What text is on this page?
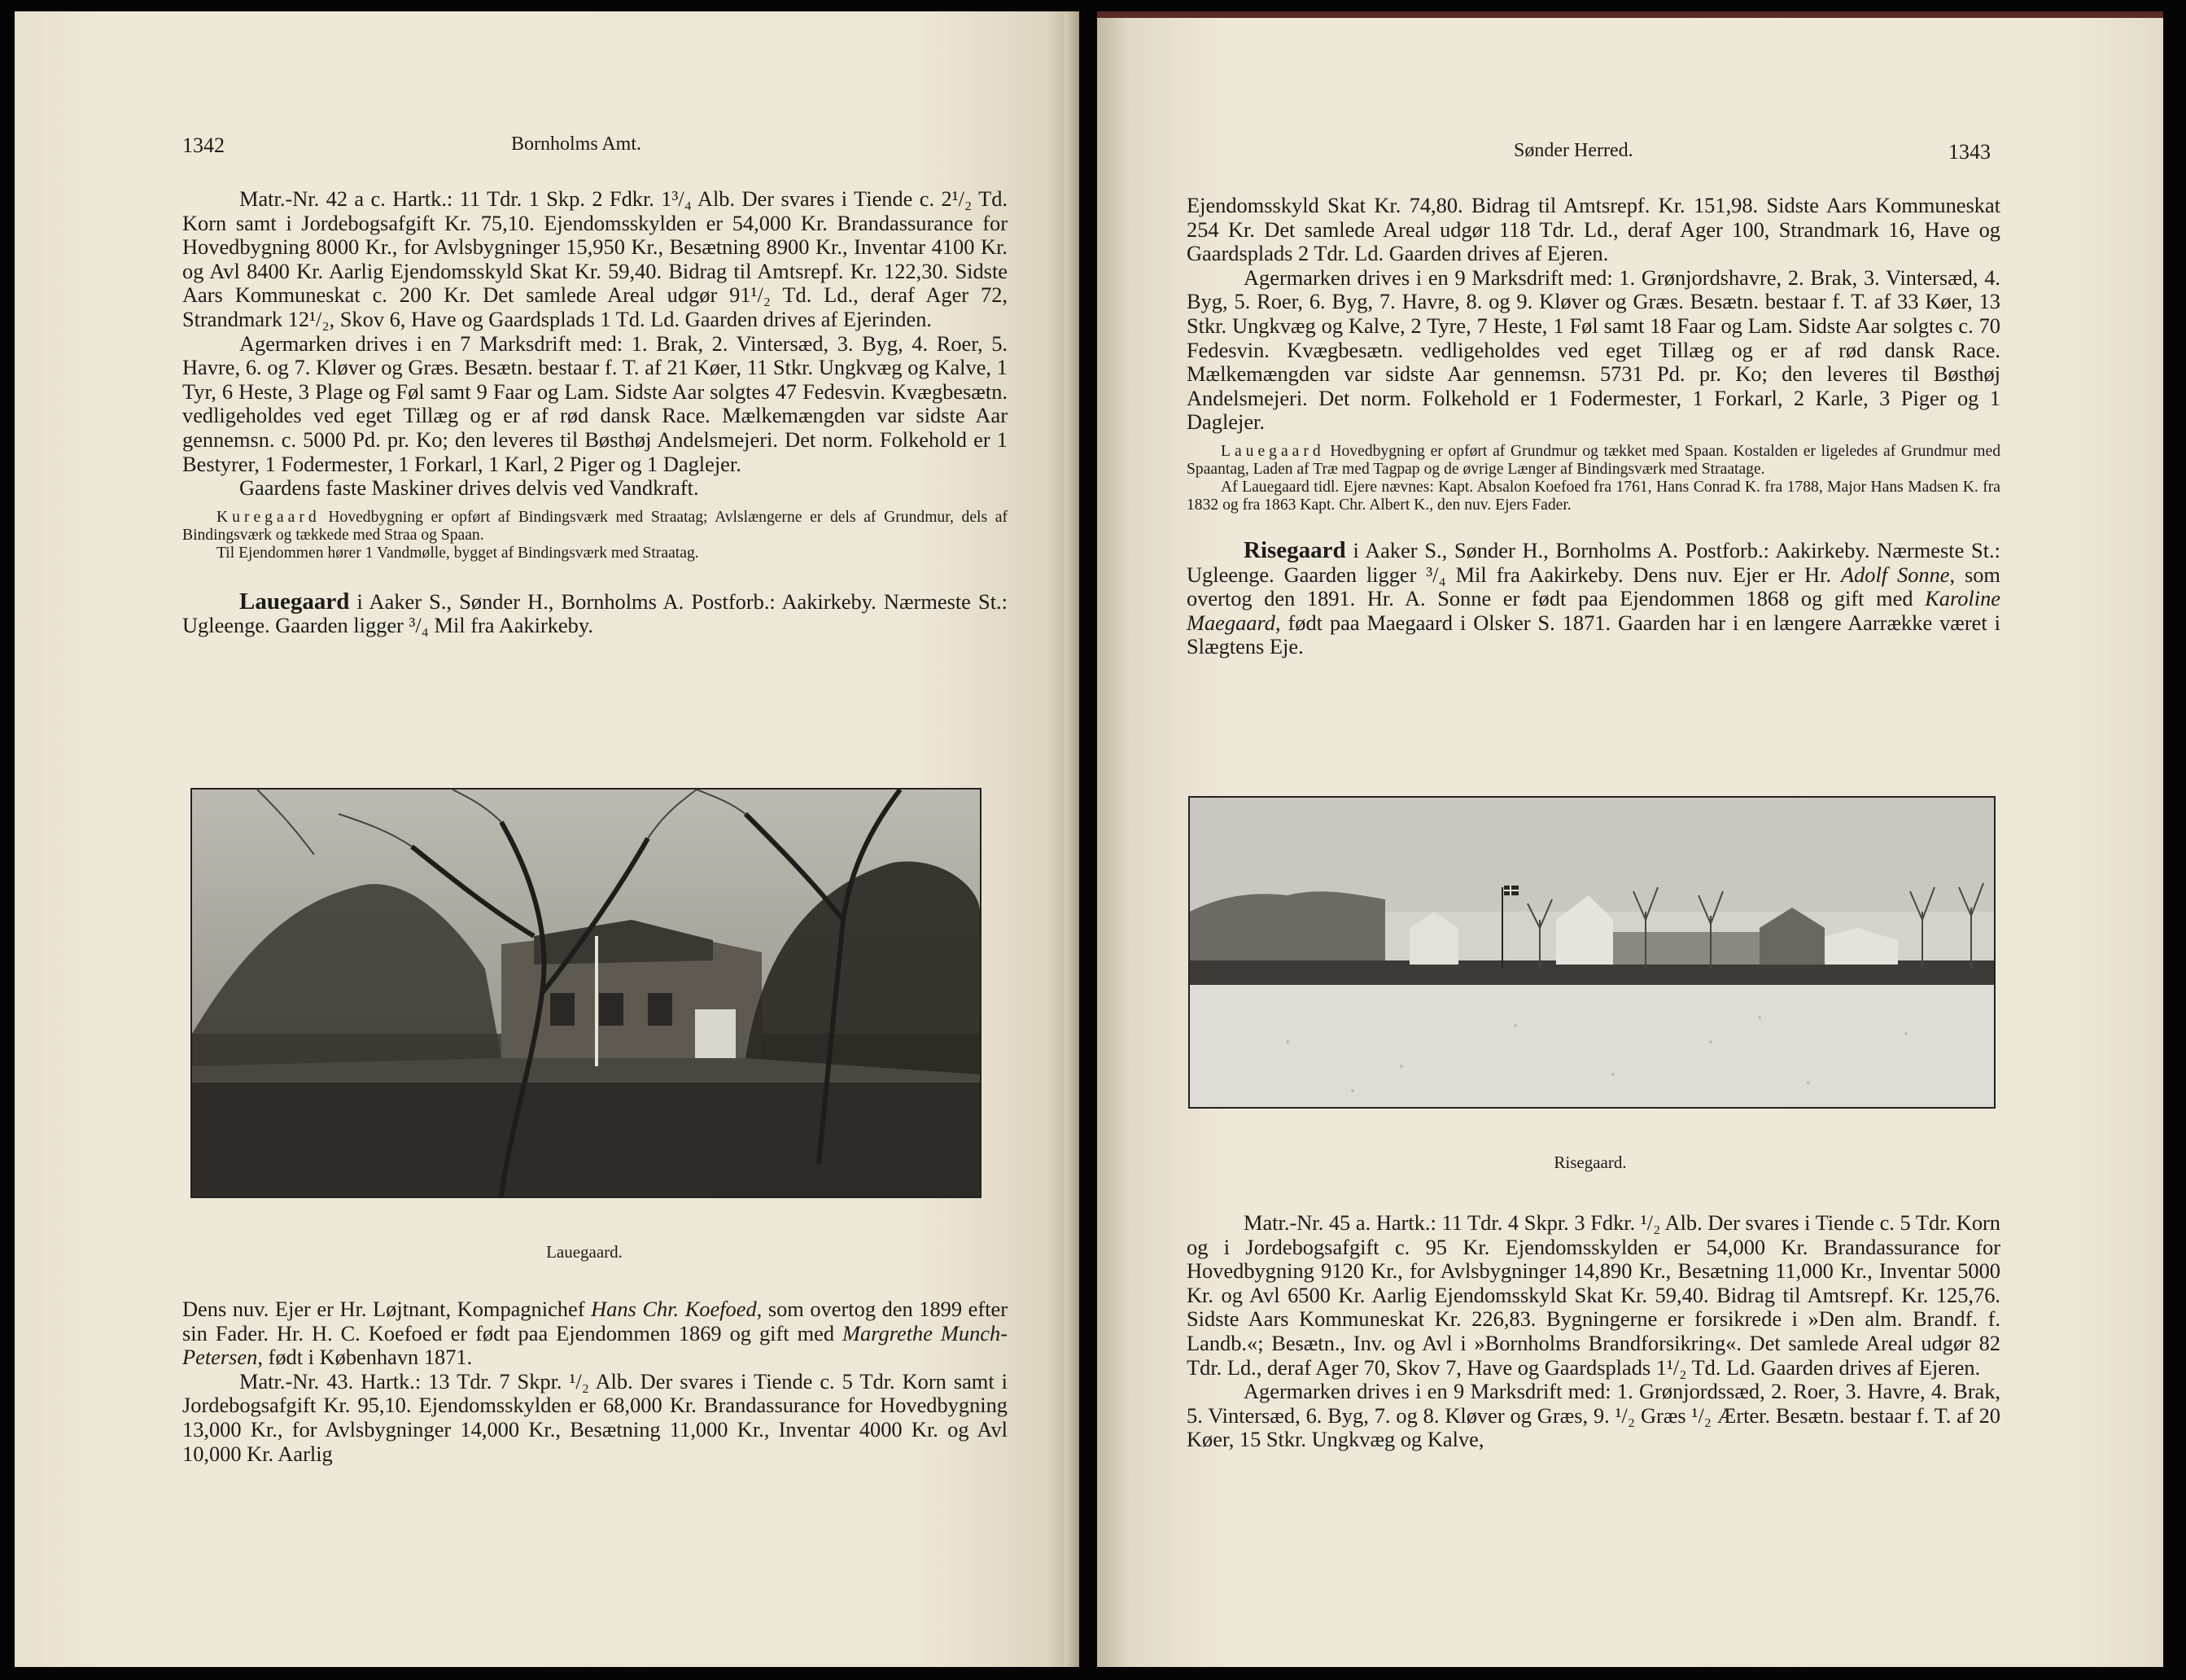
1342	Bornholms Amt.

Matr.-Nr. 42 a c. Hartk.: 11 Tdr. 1 Skp. 2 Fdkr. 1³/₄ Alb. Der svares i Tiende c. 2¹/₂ Td. Korn samt i Jordebogsafgift Kr. 75,10. Ejendomsskylden er 54,000 Kr. Brandassurance for Hovedbygning 8000 Kr., for Avlsbygninger 15,950 Kr., Besætning 8900 Kr., Inventar 4100 Kr. og Avl 8400 Kr. Aarlig Ejendomsskyld Skat Kr. 59,40. Bidrag til Amtsrepf. Kr. 122,30. Sidste Aars Kommuneskat c. 200 Kr. Det samlede Areal udgør 91¹/₂ Td. Ld., deraf Ager 72, Strandmark 12¹/₂, Skov 6, Have og Gaardsplads 1 Td. Ld. Gaarden drives af Ejerinden.

Agermarken drives i en 7 Marksdrift med: 1. Brak, 2. Vintersæd, 3. Byg, 4. Roer, 5. Havre, 6. og 7. Kløver og Græs. Besætn. bestaar f. T. af 21 Køer, 11 Stkr. Ungkvæg og Kalve, 1 Tyr, 6 Heste, 3 Plage og Føl samt 9 Faar og Lam. Sidste Aar solgtes 47 Fedesvin. Kvægbesætn. vedligeholdes ved eget Tillæg og er af rød dansk Race. Mælkemængden var sidste Aar gennemsn. c. 5000 Pd. pr. Ko; den leveres til Bøsthøj Andelsmejeri. Det norm. Folkehold er 1 Bestyrer, 1 Fodermester, 1 Forkarl, 1 Karl, 2 Piger og 1 Daglejer.

Gaardens faste Maskiner drives delvis ved Vandkraft.

Kuregaard Hovedbygning er opført af Bindingsværk med Straatag; Avlslængerne er dels af Grundmur, dels af Bindingsværk og tækkede med Straa og Spaan.

Til Ejendommen hører 1 Vandmølle, bygget af Bindingsværk med Straatag.

Lauegaard i Aaker S., Sønder H., Bornholms A. Postforb.: Aakirkeby. Nærmeste St.: Ugleenge. Gaarden ligger ³/₄ Mil fra Aakirkeby.

Lauegaard.

Dens nuv. Ejer er Hr. Løjtnant, Kompagnichef Hans Chr. Koefoed, som overtog den 1899 efter sin Fader. Hr. H. C. Koefoed er født paa Ejendommen 1869 og gift med Margrethe Munch-Petersen, født i København 1871.

Matr.-Nr. 43. Hartk.: 13 Tdr. 7 Skpr. ¹/₂ Alb. Der svares i Tiende c. 5 Tdr. Korn samt i Jordebogsafgift Kr. 95,10. Ejendomsskylden er 68,000 Kr. Brandassurance for Hovedbygning 13,000 Kr., for Avlsbygninger 14,000 Kr., Besætning 11,000 Kr., Inventar 4000 Kr. og Avl 10,000 Kr. Aarlig

Sønder Herred.	1343

Ejendomsskyld Skat Kr. 74,80. Bidrag til Amtsrepf. Kr. 151,98. Sidste Aars Kommuneskat 254 Kr. Det samlede Areal udgør 118 Tdr. Ld., deraf Ager 100, Strandmark 16, Have og Gaardsplads 2 Tdr. Ld. Gaarden drives af Ejeren.

Agermarken drives i en 9 Marksdrift med: 1. Grønjordshavre, 2. Brak, 3. Vintersæd, 4. Byg, 5. Roer, 6. Byg, 7. Havre, 8. og 9. Kløver og Græs. Besætn. bestaar f. T. af 33 Køer, 13 Stkr. Ungkvæg og Kalve, 2 Tyre, 7 Heste, 1 Føl samt 18 Faar og Lam. Sidste Aar solgtes c. 70 Fedesvin. Kvægbesætn. vedligeholdes ved eget Tillæg og er af rød dansk Race. Mælkemængden var sidste Aar gennemsn. 5731 Pd. pr. Ko; den leveres til Bøsthøj Andelsmejeri. Det norm. Folkehold er 1 Fodermester, 1 Forkarl, 2 Karle, 3 Piger og 1 Daglejer.

Lauegaard Hovedbygning er opført af Grundmur og tækket med Spaan. Kostalden er ligeledes af Grundmur med Spaantag, Laden af Træ med Tagpap og de øvrige Længer af Bindingsværk med Straatage.

Af Lauegaard tidl. Ejere nævnes: Kapt. Absalon Koefoed fra 1761, Hans Conrad K. fra 1788, Major Hans Madsen K. fra 1832 og fra 1863 Kapt. Chr. Albert K., den nuv. Ejers Fader.

Risegaard i Aaker S., Sønder H., Bornholms A. Postforb.: Aakirkeby. Nærmeste St.: Ugleenge. Gaarden ligger ³/₄ Mil fra Aakirkeby. Dens nuv. Ejer er Hr. Adolf Sonne, som overtog den 1891. Hr. A. Sonne er født paa Ejendommen 1868 og gift med Karoline Maegaard, født paa Maegaard i Olsker S. 1871. Gaarden har i en længere Aarrække været i Slægtens Eje.

Risegaard.

Matr.-Nr. 45 a. Hartk.: 11 Tdr. 4 Skpr. 3 Fdkr. ¹/₂ Alb. Der svares i Tiende c. 5 Tdr. Korn og i Jordebogsafgift c. 95 Kr. Ejendomsskylden er 54,000 Kr. Brandassurance for Hovedbygning 9120 Kr., for Avlsbygninger 14,890 Kr., Besætning 11,000 Kr., Inventar 5000 Kr. og Avl 6500 Kr. Aarlig Ejendomsskyld Skat Kr. 59,40. Bidrag til Amtsrepf. Kr. 125,76. Sidste Aars Kommuneskat Kr. 226,83. Bygningerne er forsikrede i »Den alm. Brandf. f. Landb.«; Besætn., Inv. og Avl i »Bornholms Brandforsikring«. Det samlede Areal udgør 82 Tdr. Ld., deraf Ager 70, Skov 7, Have og Gaardsplads 1¹/₂ Td. Ld. Gaarden drives af Ejeren.

Agermarken drives i en 9 Marksdrift med: 1. Grønjordssæd, 2. Roer, 3. Havre, 4. Brak, 5. Vintersæd, 6. Byg, 7. og 8. Kløver og Græs, 9. ¹/₂ Græs ¹/₂ Ærter. Besætn. bestaar f. T. af 20 Køer, 15 Stkr. Ungkvæg og Kalve,
